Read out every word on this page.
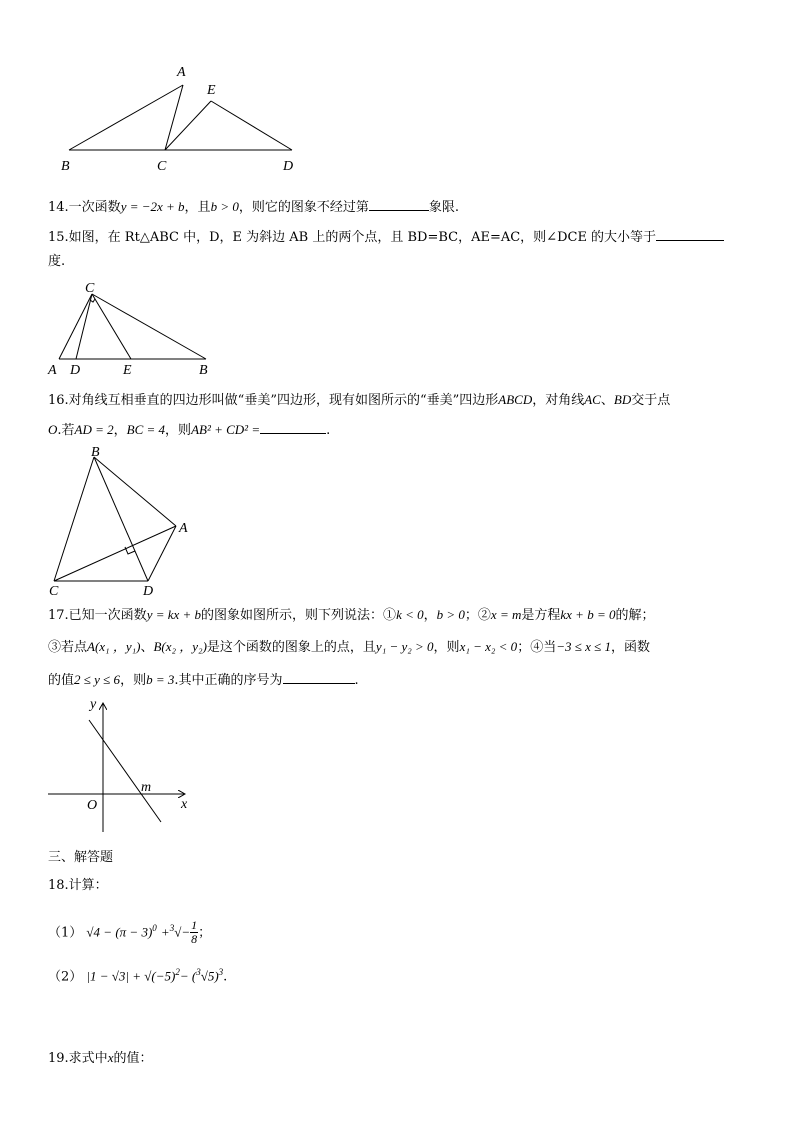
A
E
B	C	D
14.一次函数y = −2x + b，且b > 0，则它的图象不经过第	象限.
15.如图，在 Rt△ABC 中，D，E 为斜边 AB 上的两个点，且 BD=BC，AE=AC，则∠DCE 的大小等于
度.
C
A D	E	B
16.对角线互相垂直的四边形叫做“垂美”四边形，现有如图所示的“垂美”四边形ABCD，对角线AC、BD交于点
O.若AD = 2，BC = 4，则AB² + CD² =	.
B
A
C	D
17.已知一次函数y = kx + b的图象如图所示，则下列说法：①k < 0，b > 0；②x = m是方程kx + b = 0的解；
③若点A(x₁ ，y₁)、B(x₂ ，y₂)是这个函数的图象上的点，且y₁ − y₂ > 0，则x₁ − x₂ < 0；④当−3 ≤ x ≤ 1，函数
的值2 ≤ y ≤ 6，则b = 3.其中正确的序号为	.
y
x
O
m
三、解答题
18.计算：
（1） $√4 - (\pi - 3)^0 +^3√- \frac{1}{8}$ ；
（2） $|1 - √3| + √(-5)^2- (^3√5)^3$.
19.求式中x的值：
